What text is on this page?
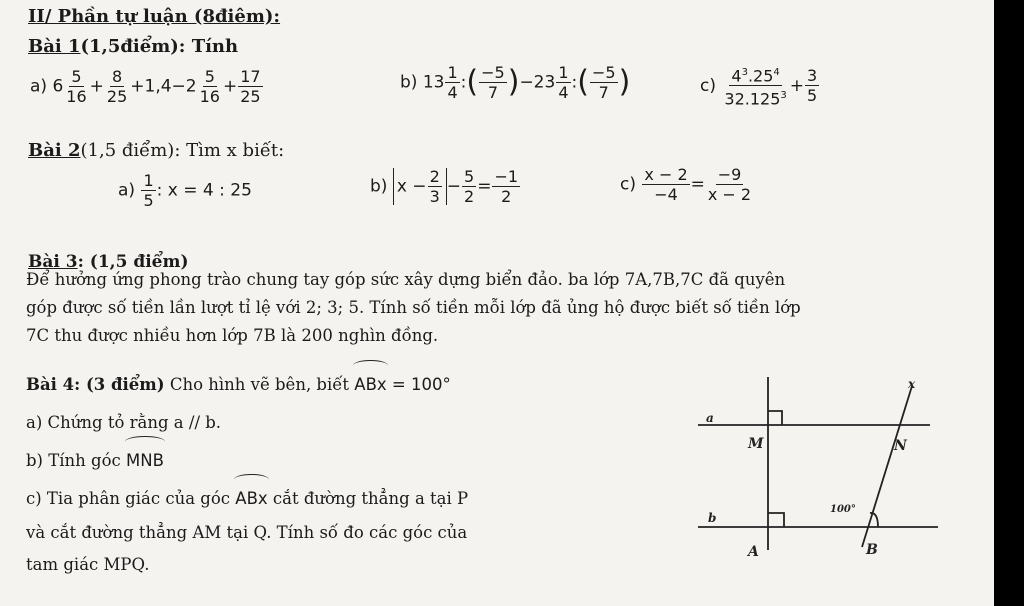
II/ Phần tự luận (8điêm):
Bài 1(1,5điểm): Tính
a) $6 \frac{5}{16} + \frac{8}{25} +1,4-2 \frac{5}{16} + \frac{17}{25}$	b) $13 \frac{1}{4}$ :( $\frac{-5}{7} )-23 \frac{1}{4}$ :( $\frac{-5}{7}$ )	$c) \frac{4^3.25^4}{32.125^3} + \frac{3}{5}$
Bài 2(1,5 điểm): Tìm x biết:
$a) \frac{1}{5}$ : x = 4 : 25	b) $x - \frac{2}{3} - \frac{5}{2} = \frac{-1}{2}$	$c) \frac{x - 2}{-4} = \frac{-9}{x - 2}$
Bài 3: (1,5 điểm)
Để hưởng ứng phong trào chung tay góp sức xây dựng biển đảo. ba lớp 7A,7B,7C đã quyên
góp được số tiền lần lượt tỉ lệ với 2; 3; 5. Tính số tiền mỗi lớp đã ủng hộ được biết số tiền lớp
7C thu được nhiều hơn lớp 7B là 200 nghìn đồng.
Bài 4: (3 điểm) Cho hình vẽ bên, biết ABx = 100°
a) Chứng tỏ rằng a // b.
b) Tính góc MNB
c) Tia phân giác của góc ABx cắt đường thẳng a tại P
và cắt đường thẳng AM tại Q. Tính số đo các góc của
tam giác MPQ.
x
a
M	N
b
100°
A	B
